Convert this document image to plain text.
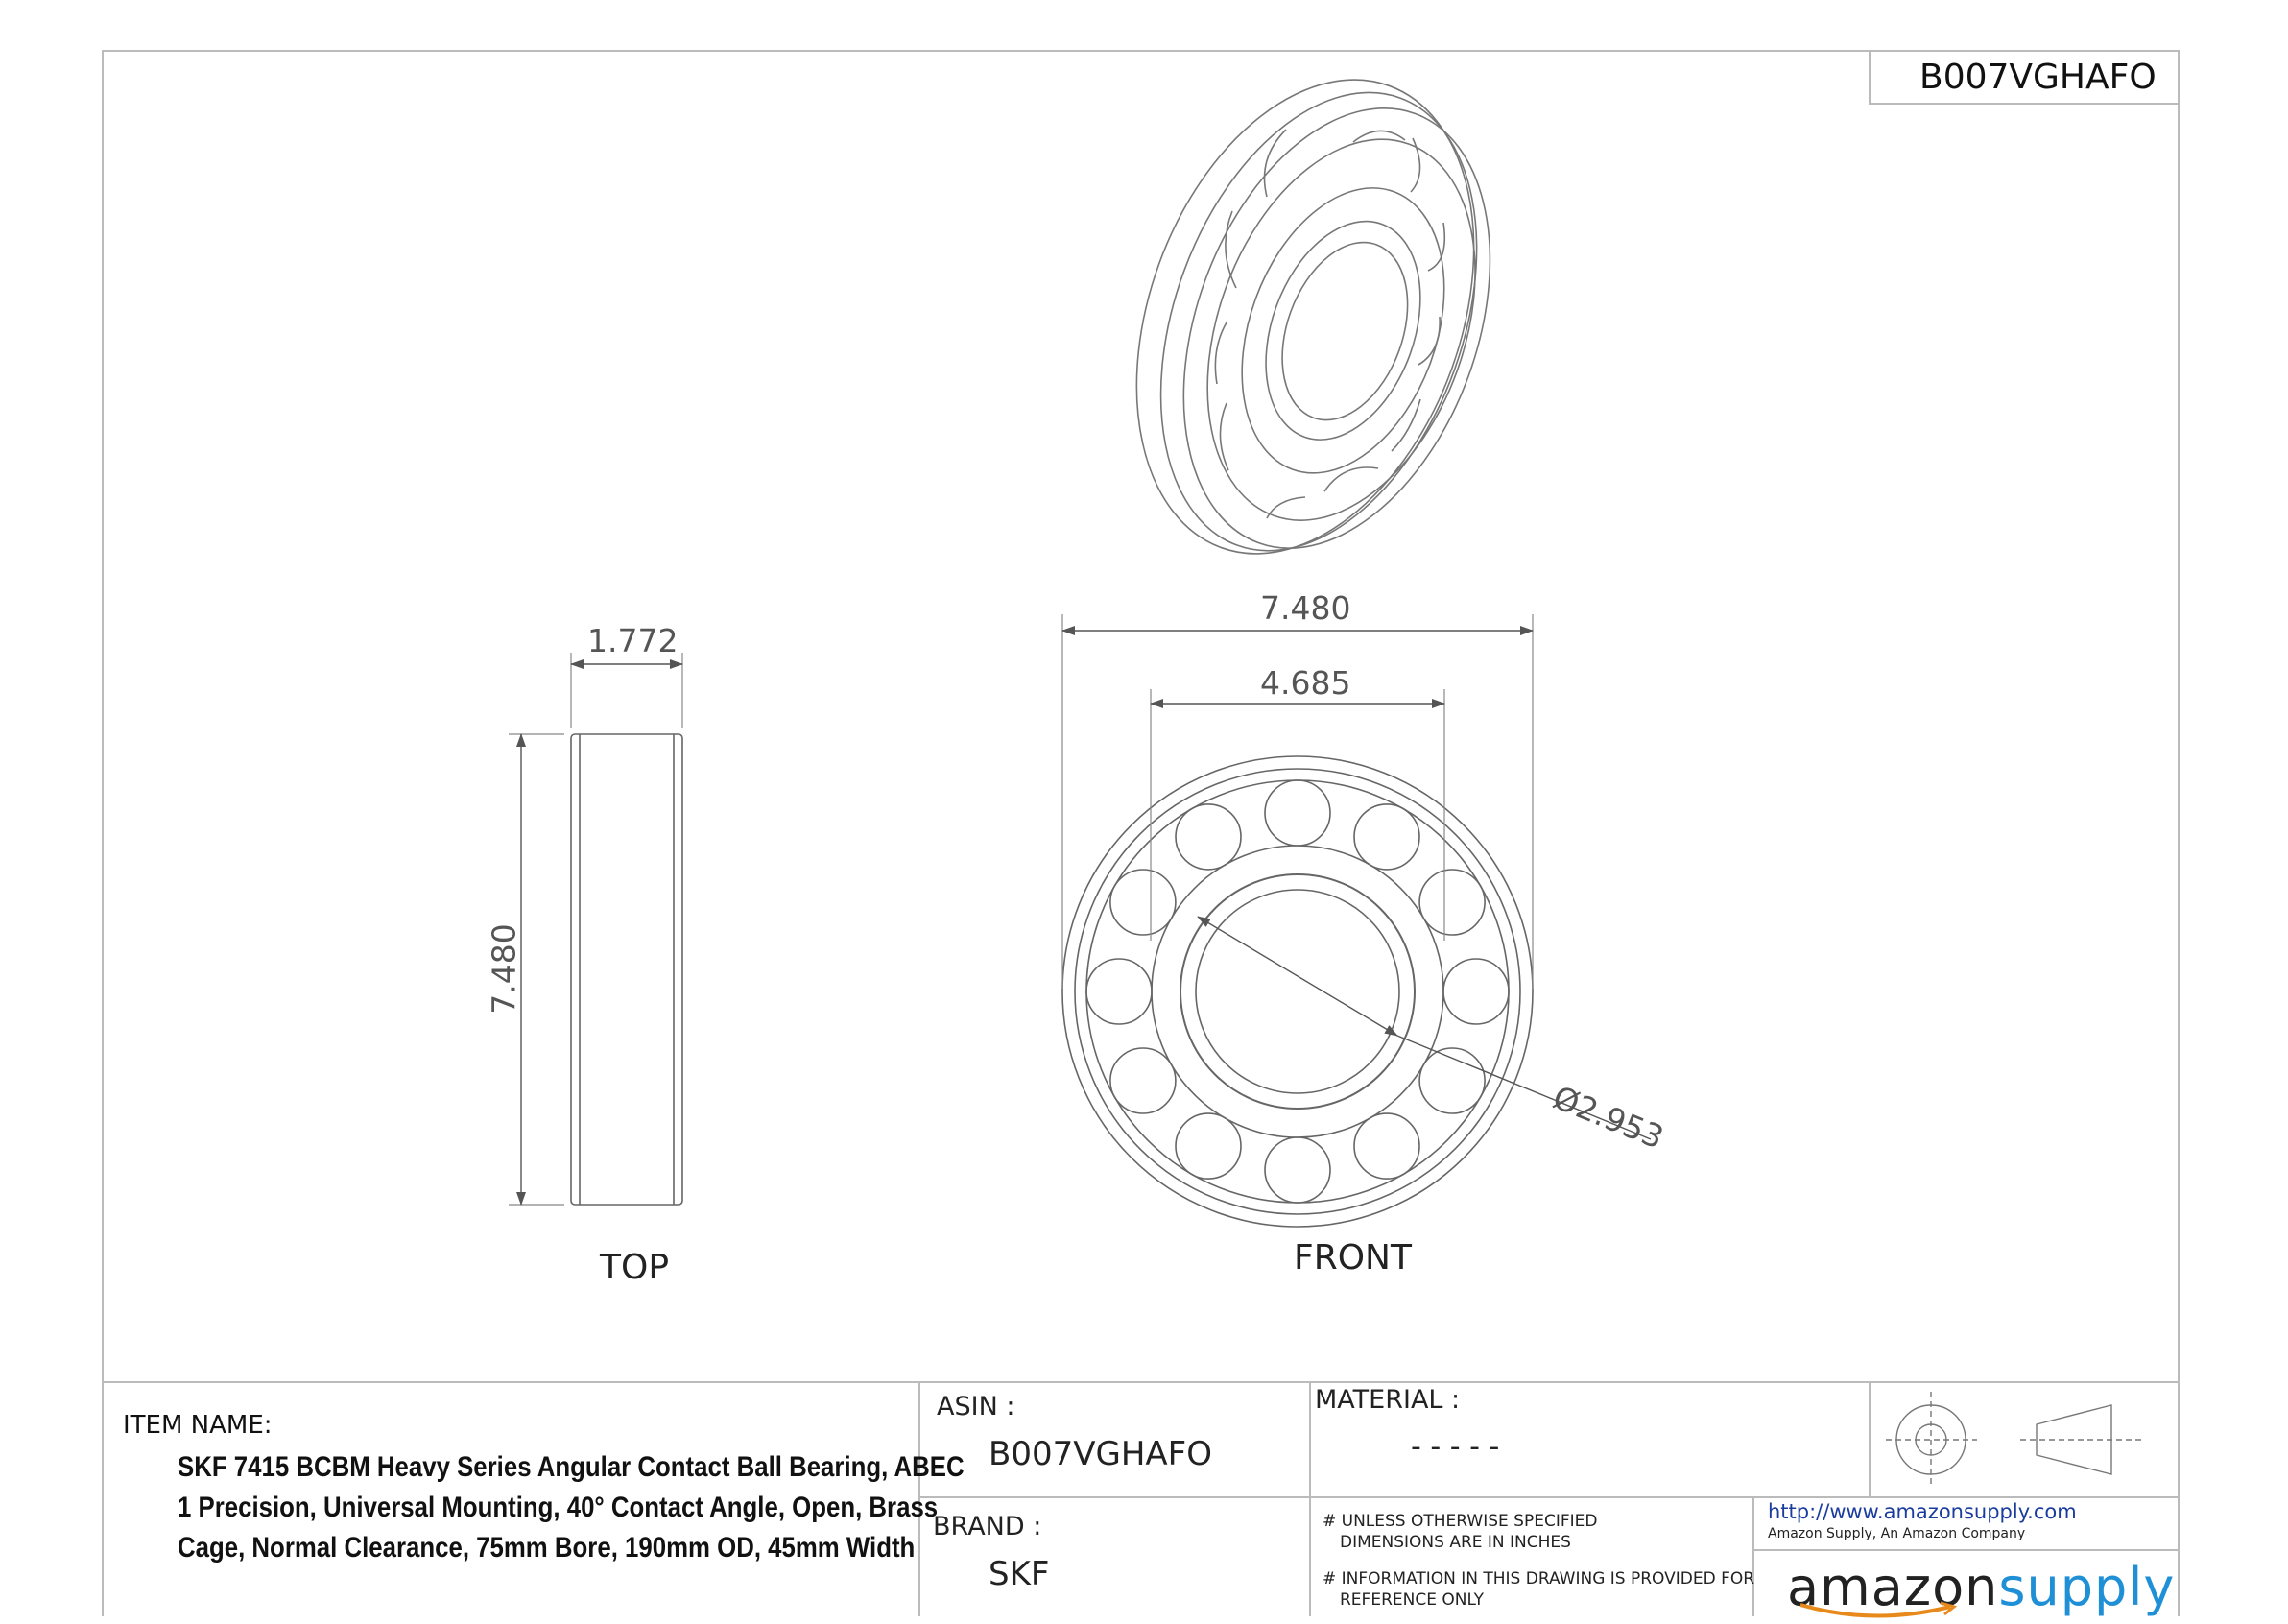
B007VGHAFO
1.772
7.480
TOP
7.480
4.685
Ø2.953
FRONT
ITEM NAME:
SKF 7415 BCBM Heavy Series Angular Contact Ball Bearing, ABEC
1 Precision, Universal Mounting, 40° Contact Angle, Open, Brass
Cage, Normal Clearance, 75mm Bore, 190mm OD, 45mm Width
ASIN :
B007VGHAFO
MATERIAL :
- - - - -
BRAND :
SKF
# UNLESS OTHERWISE SPECIFIED
DIMENSIONS ARE IN INCHES
# INFORMATION IN THIS DRAWING IS PROVIDED FOR
REFERENCE ONLY
http://www.amazonsupply.com
Amazon Supply, An Amazon Company
amazonsupply
